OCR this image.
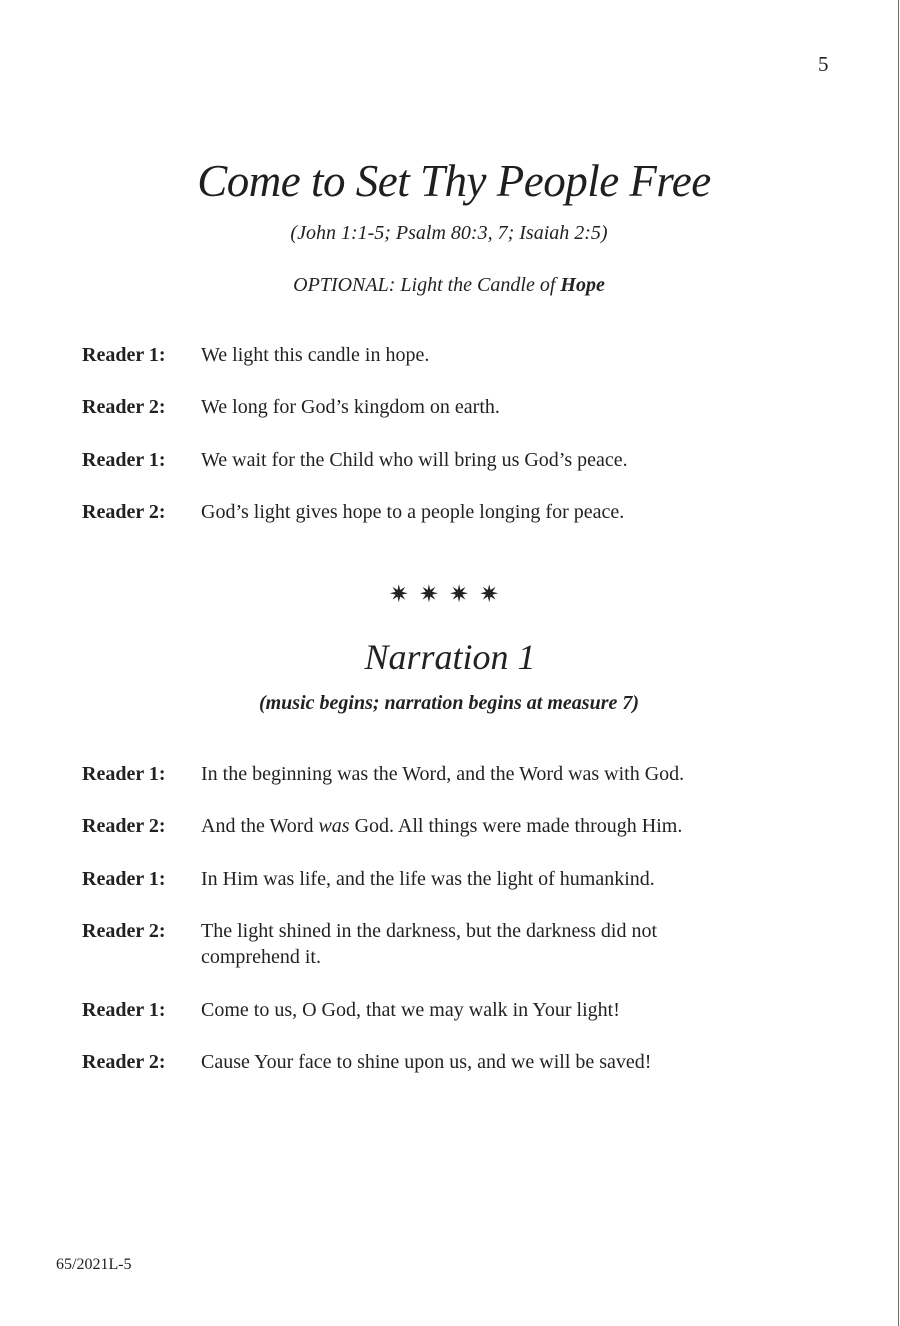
5
Come to Set Thy People Free
(John 1:1-5; Psalm 80:3, 7; Isaiah 2:5)
OPTIONAL: Light the Candle of Hope
Reader 1: We light this candle in hope.
Reader 2: We long for God’s kingdom on earth.
Reader 1: We wait for the Child who will bring us God’s peace.
Reader 2: God’s light gives hope to a people longing for peace.
✷✷✷✷
Narration 1
(music begins; narration begins at measure 7)
Reader 1: In the beginning was the Word, and the Word was with God.
Reader 2: And the Word was God. All things were made through Him.
Reader 1: In Him was life, and the life was the light of humankind.
Reader 2: The light shined in the darkness, but the darkness did not comprehend it.
Reader 1: Come to us, O God, that we may walk in Your light!
Reader 2: Cause Your face to shine upon us, and we will be saved!
65/2021L-5
